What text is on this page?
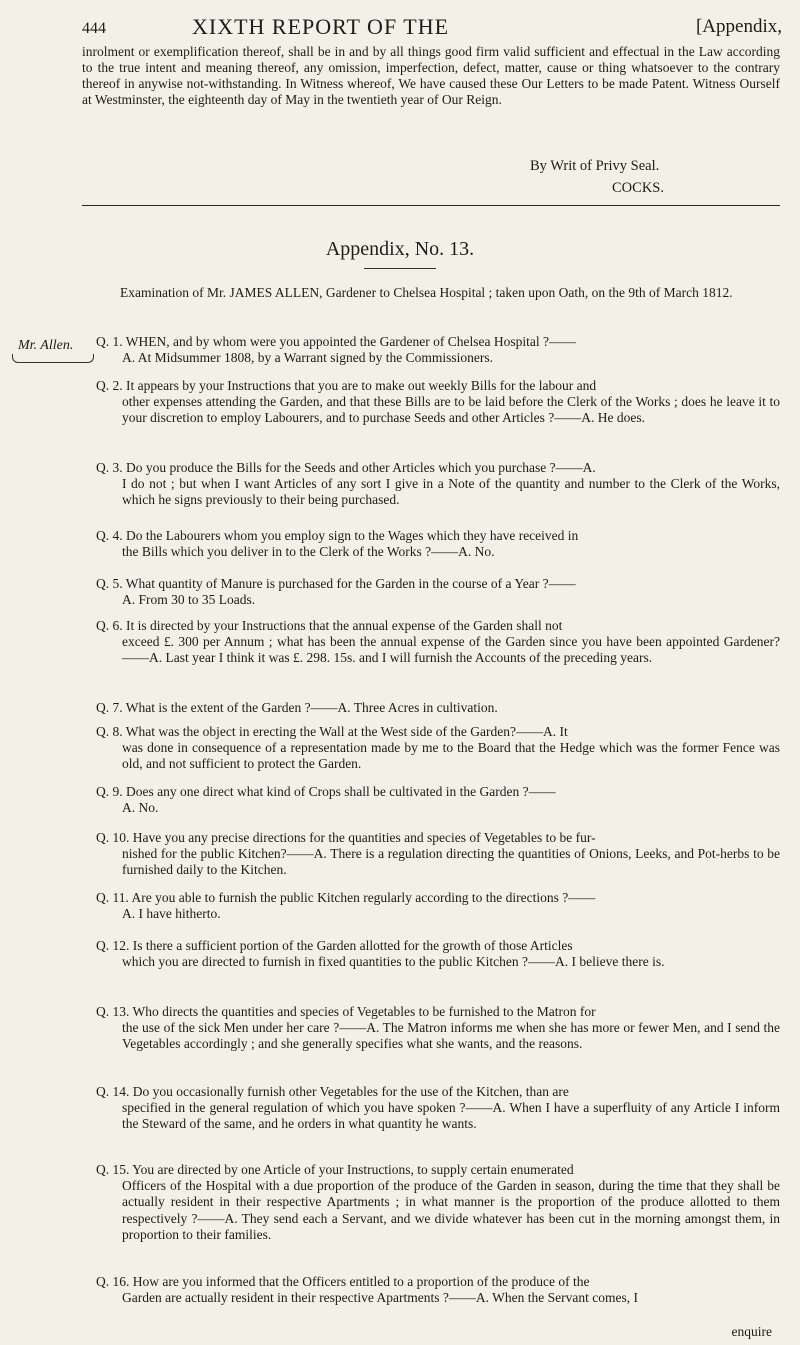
444	XIXTH REPORT OF THE	[Appendix,
inrolment or exemplification thereof, shall be in and by all things good firm valid sufficient and effectual in the Law according to the true intent and meaning thereof, any omission, imperfection, defect, matter, cause or thing whatsoever to the contrary thereof in anywise not-withstanding. In Witness whereof, We have caused these Our Letters to be made Patent. Witness Ourself at Westminster, the eighteenth day of May in the twentieth year of Our Reign.
By Writ of Privy Seal.
COCKS.
Appendix, No. 13.
Examination of Mr. JAMES ALLEN, Gardener to Chelsea Hospital ; taken upon Oath, on the 9th of March 1812.
Mr. Allen. Q. 1. WHEN, and by whom were you appointed the Gardener of Chelsea Hospital ?——
A. At Midsummer 1808, by a Warrant signed by the Commissioners.
Q. 2. It appears by your Instructions that you are to make out weekly Bills for the labour and
other expenses attending the Garden, and that these Bills are to be laid before the Clerk of the Works ; does he leave it to your discretion to employ Labourers, and to purchase Seeds and other Articles ?——A. He does.
Q. 3. Do you produce the Bills for the Seeds and other Articles which you purchase ?——A.
I do not ; but when I want Articles of any sort I give in a Note of the quantity and number to the Clerk of the Works, which he signs previously to their being purchased.
Q. 4. Do the Labourers whom you employ sign to the Wages which they have received in
the Bills which you deliver in to the Clerk of the Works ?——A. No.
Q. 5. What quantity of Manure is purchased for the Garden in the course of a Year ?——
A. From 30 to 35 Loads.
Q. 6. It is directed by your Instructions that the annual expense of the Garden shall not
exceed £. 300 per Annum ; what has been the annual expense of the Garden since you have been appointed Gardener?——A. Last year I think it was £. 298. 15s. and I will furnish the Accounts of the preceding years.
Q. 7. What is the extent of the Garden ?——A. Three Acres in cultivation.
Q. 8. What was the object in erecting the Wall at the West side of the Garden?——A. It
was done in consequence of a representation made by me to the Board that the Hedge which was the former Fence was old, and not sufficient to protect the Garden.
Q. 9. Does any one direct what kind of Crops shall be cultivated in the Garden ?——
A. No.
Q. 10. Have you any precise directions for the quantities and species of Vegetables to be fur-
nished for the public Kitchen?——A. There is a regulation directing the quantities of Onions, Leeks, and Pot-herbs to be furnished daily to the Kitchen.
Q. 11. Are you able to furnish the public Kitchen regularly according to the directions ?——
A. I have hitherto.
Q. 12. Is there a sufficient portion of the Garden allotted for the growth of those Articles
which you are directed to furnish in fixed quantities to the public Kitchen ?——A. I believe there is.
Q. 13. Who directs the quantities and species of Vegetables to be furnished to the Matron for
the use of the sick Men under her care ?——A. The Matron informs me when she has more or fewer Men, and I send the Vegetables accordingly ; and she generally specifies what she wants, and the reasons.
Q. 14. Do you occasionally furnish other Vegetables for the use of the Kitchen, than are
specified in the general regulation of which you have spoken ?——A. When I have a superfluity of any Article I inform the Steward of the same, and he orders in what quantity he wants.
Q. 15. You are directed by one Article of your Instructions, to supply certain enumerated
Officers of the Hospital with a due proportion of the produce of the Garden in season, during the time that they shall be actually resident in their respective Apartments ; in what manner is the proportion of the produce allotted to them respectively ?——A. They send each a Servant, and we divide whatever has been cut in the morning amongst them, in proportion to their families.
Q. 16. How are you informed that the Officers entitled to a proportion of the produce of the
Garden are actually resident in their respective Apartments ?——A. When the Servant comes, I
enquire
